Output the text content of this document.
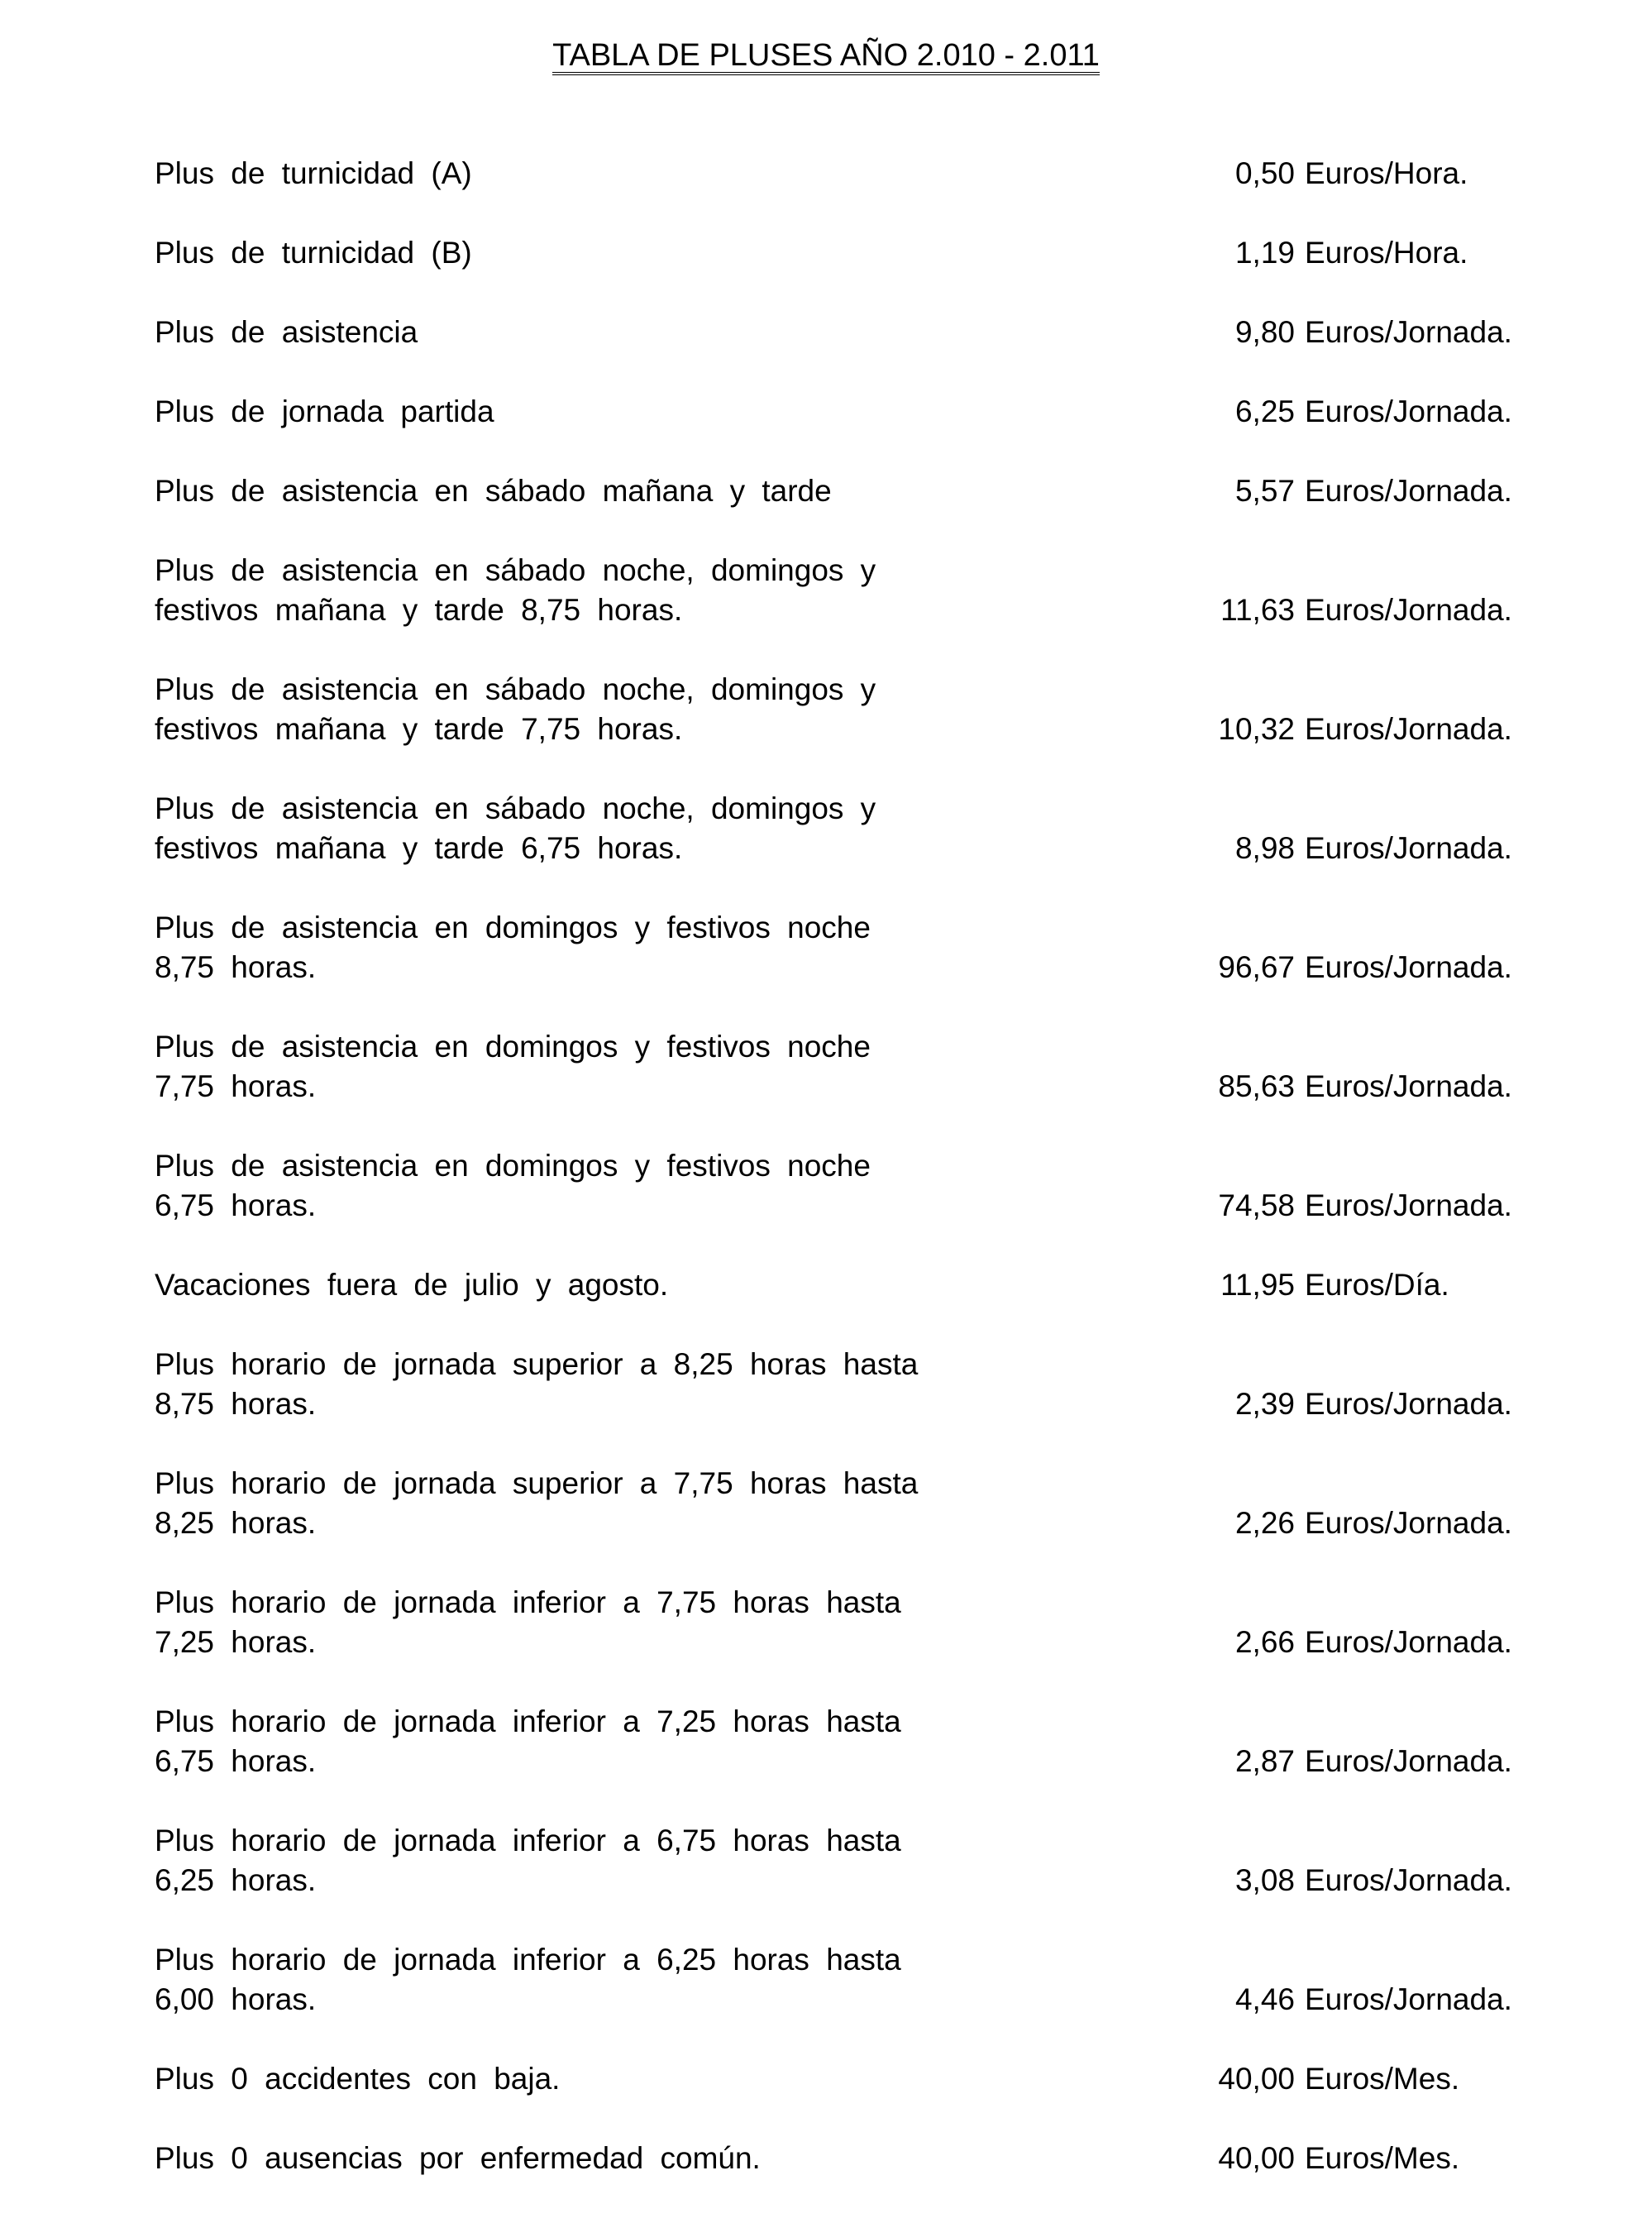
TABLA DE PLUSES AÑO 2.010 - 2.011
Plus de turnicidad (A)	0,50 Euros/Hora.
Plus de turnicidad (B)	1,19 Euros/Hora.
Plus de asistencia	9,80 Euros/Jornada.
Plus de jornada partida	6,25 Euros/Jornada.
Plus de asistencia en sábado mañana y tarde	5,57 Euros/Jornada.
Plus de asistencia en sábado noche, domingos y
festivos mañana y tarde 8,75 horas.	11,63 Euros/Jornada.
Plus de asistencia en sábado noche, domingos y
festivos mañana y tarde 7,75 horas.	10,32 Euros/Jornada.
Plus de asistencia en sábado noche, domingos y
festivos mañana y tarde 6,75 horas.	8,98 Euros/Jornada.
Plus de asistencia en domingos y festivos noche
8,75 horas.	96,67 Euros/Jornada.
Plus de asistencia en domingos y festivos noche
7,75 horas.	85,63 Euros/Jornada.
Plus de asistencia en domingos y festivos noche
6,75 horas.	74,58 Euros/Jornada.
Vacaciones fuera de julio y agosto.	11,95 Euros/Día.
Plus horario de jornada superior a 8,25 horas hasta
8,75 horas.	2,39 Euros/Jornada.
Plus horario de jornada superior a 7,75 horas hasta
8,25 horas.	2,26 Euros/Jornada.
Plus horario de jornada inferior a 7,75 horas hasta
7,25 horas.	2,66 Euros/Jornada.
Plus horario de jornada inferior a 7,25 horas hasta
6,75 horas.	2,87 Euros/Jornada.
Plus horario de jornada inferior a 6,75 horas hasta
6,25 horas.	3,08 Euros/Jornada.
Plus horario de jornada inferior a 6,25 horas hasta
6,00 horas.	4,46 Euros/Jornada.
Plus 0 accidentes con baja.	40,00 Euros/Mes.
Plus 0 ausencias por enfermedad común.	40,00 Euros/Mes.
